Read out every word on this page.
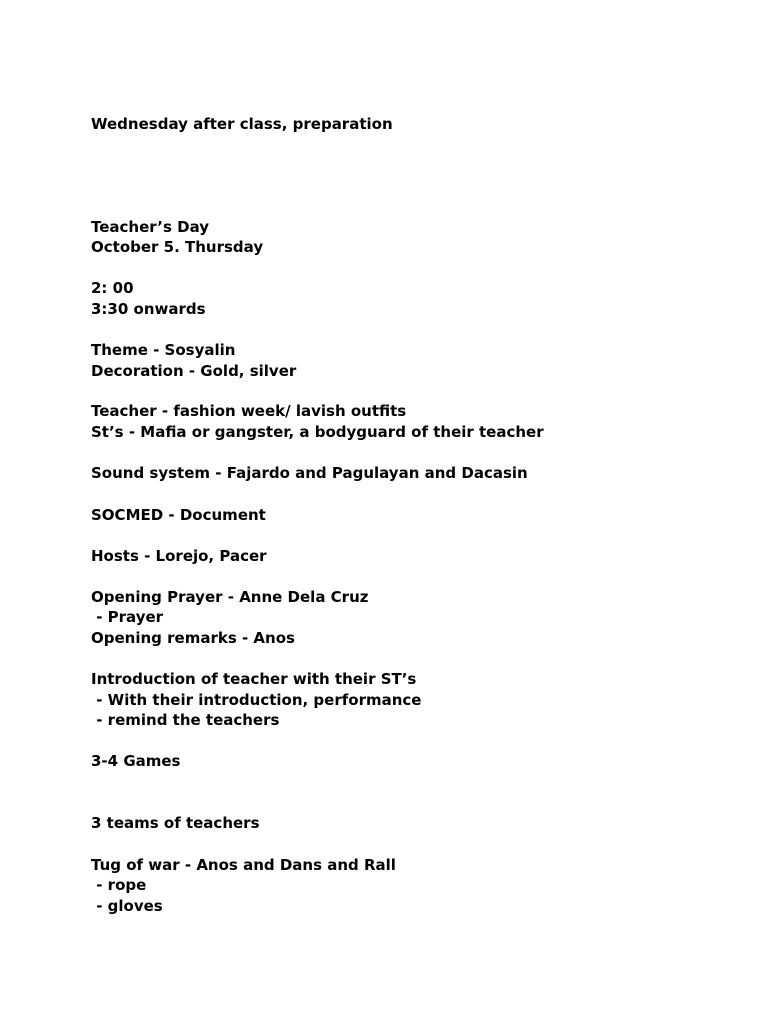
Wednesday after class, preparation
Teacher’s Day
October 5. Thursday
2: 00
3:30 onwards
Theme - Sosyalin
Decoration - Gold, silver
Teacher - fashion week/ lavish outfits
St’s - Mafia or gangster, a bodyguard of their teacher
Sound system - Fajardo and Pagulayan and Dacasin
SOCMED - Document
Hosts - Lorejo, Pacer
Opening Prayer - Anne Dela Cruz
- Prayer
Opening remarks - Anos
Introduction of teacher with their ST’s
- With their introduction, performance
- remind the teachers
3-4 Games
3 teams of teachers
Tug of war - Anos and Dans and Rall
- rope
- gloves
